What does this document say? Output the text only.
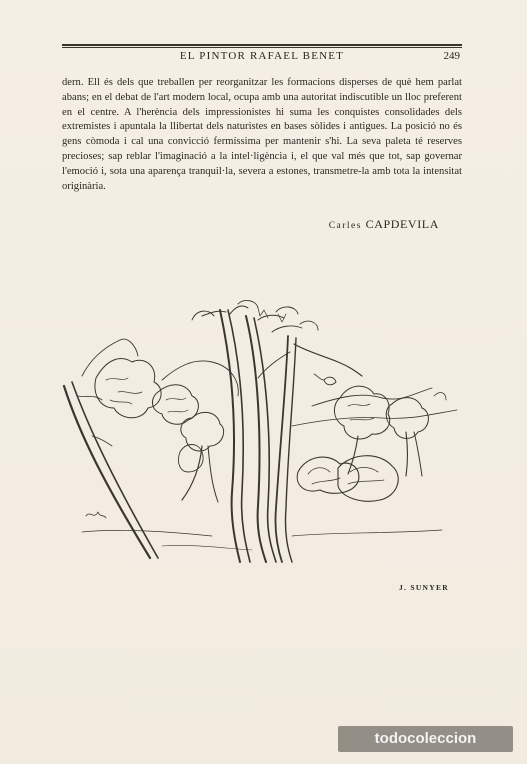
EL PINTOR RAFAEL BENET	249
dern. Ell és dels que treballen per reorganitzar les formacions disperses de què hem parlat abans; en el debat de l'art modern local, ocupa amb una autoritat indiscutible un lloc preferent en el centre. A l'herència dels impressionistes hi suma les conquistes consolidades dels extremistes i apuntala la llibertat dels naturistes en bases sòlides i antigues. La posició no és gens còmoda i cal una convicció fermíssima per mantenir s'hi. La seva paleta té reserves precioses; sap reblar l'imaginació a la intel·ligència i, el que val més que tot, sap governar l'emoció i, sota una aparença tranquil·la, severa a estones, transmetre-la amb tota la intensitat originària.
Carles CAPDEVILA
J. SUNYER
todocoleccion
